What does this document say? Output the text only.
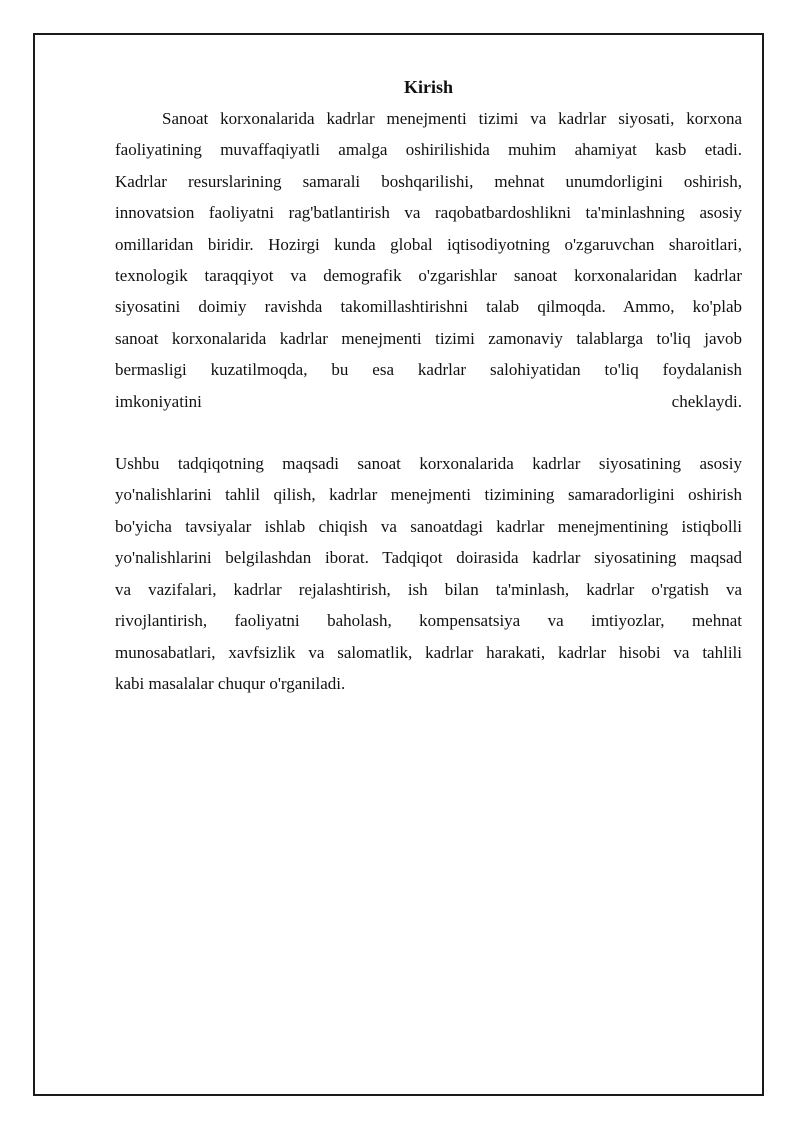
Kirish
Sanoat korxonalarida kadrlar menejmenti tizimi va kadrlar siyosati, korxona
faoliyatining muvaffaqiyatli amalga oshirilishida muhim ahamiyat kasb etadi.
Kadrlar resurslarining samarali boshqarilishi, mehnat unumdorligini oshirish,
innovatsion faoliyatni rag'batlantirish va raqobatbardoshlikni ta'minlashning asosiy
omillaridan biridir. Hozirgi kunda global iqtisodiyotning o'zgaruvchan sharoitlari,
texnologik taraqqiyot va demografik o'zgarishlar sanoat korxonalaridan kadrlar
siyosatini doimiy ravishda takomillashtirishni talab qilmoqda. Ammo, ko'plab
sanoat korxonalarida kadrlar menejmenti tizimi zamonaviy talablarga to'liq javob
bermasligi kuzatilmoqda, bu esa kadrlar salohiyatidan to'liq foydalanish
imkoniyatini	cheklaydi.
Ushbu tadqiqotning maqsadi sanoat korxonalarida kadrlar siyosatining asosiy
yo'nalishlarini tahlil qilish, kadrlar menejmenti tizimining samaradorligini oshirish
bo'yicha tavsiyalar ishlab chiqish va sanoatdagi kadrlar menejmentining istiqbolli
yo'nalishlarini belgilashdan iborat. Tadqiqot doirasida kadrlar siyosatining maqsad
va vazifalari, kadrlar rejalashtirish, ish bilan ta'minlash, kadrlar o'rgatish va
rivojlantirish, faoliyatni baholash, kompensatsiya va imtiyozlar, mehnat
munosabatlari, xavfsizlik va salomatlik, kadrlar harakati, kadrlar hisobi va tahlili
kabi masalalar chuqur o'rganiladi.
